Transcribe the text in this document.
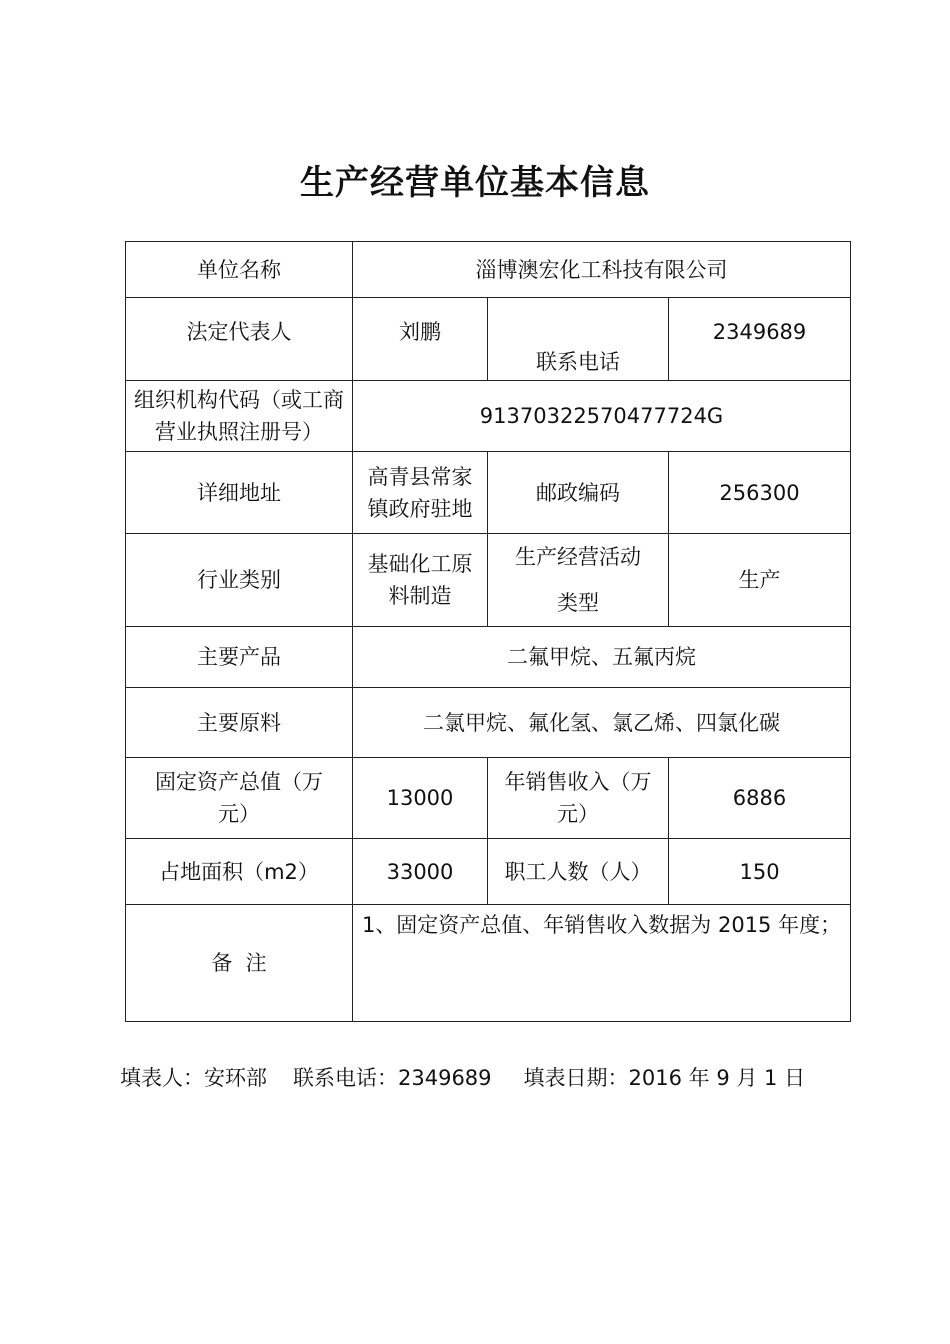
生产经营单位基本信息
单位名称	淄博澳宏化工科技有限公司		
法定代表人	刘鹏	联系电话	2349689
组织机构代码（或工商营业执照注册号）	91370322570477724G		
详细地址	高青县常家镇政府驻地	邮政编码	256300
行业类别	基础化工原料制造	生产经营活动类型	生产
主要产品	二氟甲烷、五氟丙烷		
主要原料	二氯甲烷、氟化氢、氯乙烯、四氯化碳		
固定资产总值（万元）	13000	年销售收入（万元）	6886
占地面积（m2）	33000	职工人数（人）	150
备  注	1、固定资产总值、年销售收入数据为 2015 年度；		
填表人：安环部 联系电话：2349689 填表日期：2016 年 9 月 1 日
